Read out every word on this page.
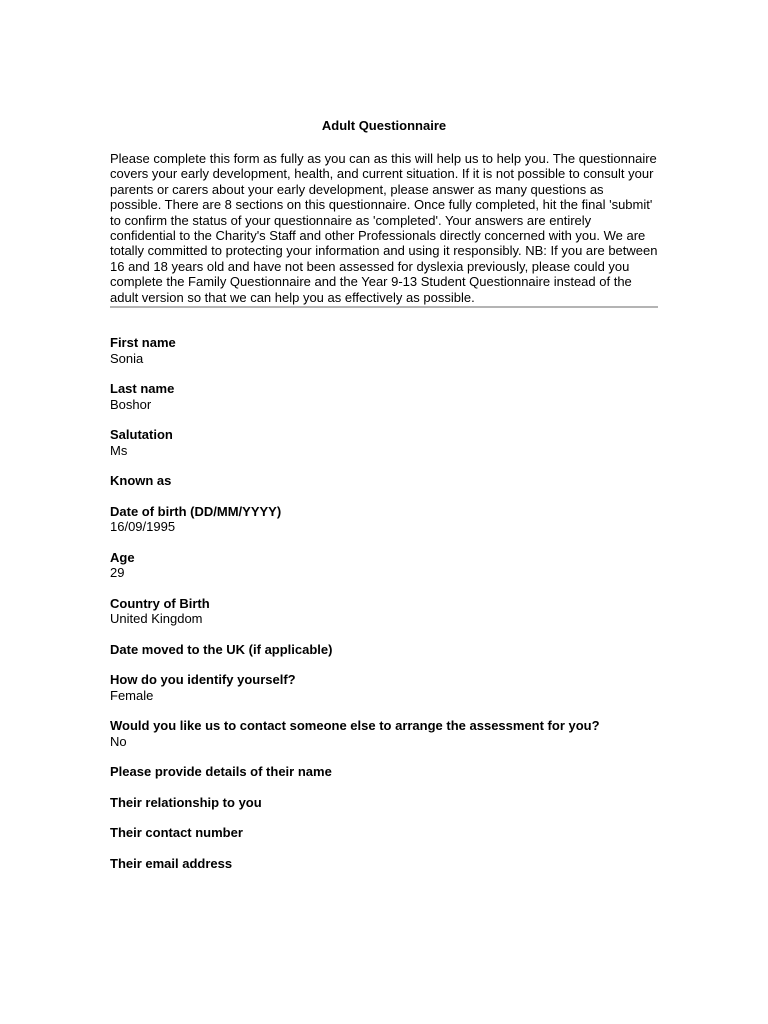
Adult Questionnaire

Please complete this form as fully as you can as this will help us to help you. The questionnaire covers your early development, health, and current situation. If it is not possible to consult your parents or carers about your early development, please answer as many questions as possible. There are 8 sections on this questionnaire. Once fully completed, hit the final 'submit' to confirm the status of your questionnaire as 'completed'. Your answers are entirely confidential to the Charity's Staff and other Professionals directly concerned with you. We are totally committed to protecting your information and using it responsibly. NB: If you are between 16 and 18 years old and have not been assessed for dyslexia previously, please could you complete the Family Questionnaire and the Year 9-13 Student Questionnaire instead of the adult version so that we can help you as effectively as possible.

First name
Sonia
Last name
Boshor
Salutation
Ms
Known as
Date of birth (DD/MM/YYYY)
16/09/1995
Age
29
Country of Birth
United Kingdom
Date moved to the UK (if applicable)
How do you identify yourself?
Female
Would you like us to contact someone else to arrange the assessment for you?
No
Please provide details of their name
Their relationship to you
Their contact number
Their email address
